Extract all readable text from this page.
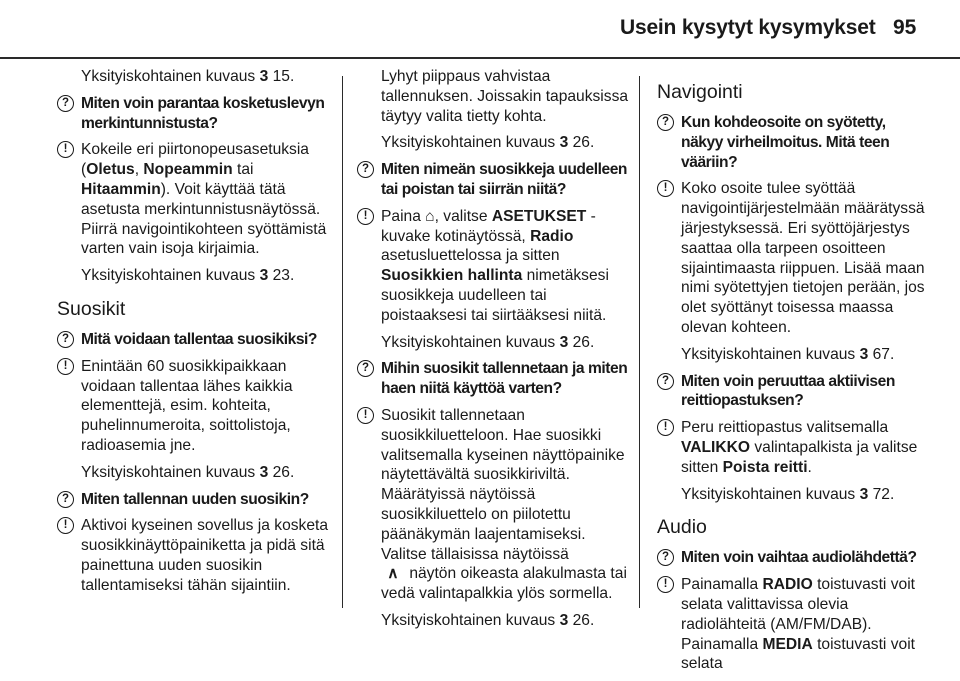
Usein kysytyt kysymykset 95

Yksityiskohtainen kuvaus 3 15.

? Miten voin parantaa kosketuslevyn merkintunnistusta?
! Kokeile eri piirtonopeusasetuksia (Oletus, Nopeammin tai Hitaammin). Voit käyttää tätä asetusta merkintunnistusnäytössä. Piirrä navigointikohteen syöttämistä varten vain isoja kirjaimia.

Yksityiskohtainen kuvaus 3 23.

Suosikit
? Mitä voidaan tallentaa suosikiksi?
! Enintään 60 suosikkipaikkaan voidaan tallentaa lähes kaikkia elementtejä, esim. kohteita, puhelinnumeroita, soittolistoja, radioasemia jne.

Yksityiskohtainen kuvaus 3 26.

? Miten tallennan uuden suosikin?
! Aktivoi kyseinen sovellus ja kosketa suosikkinäyttöpainiketta ja pidä sitä painettuna uuden suosikin tallentamiseksi tähän sijaintiin.

Lyhyt piippaus vahvistaa tallennuksen. Joissakin tapauksissa täytyy valita tietty kohta.

Yksityiskohtainen kuvaus 3 26.

? Miten nimeän suosikkeja uudelleen tai poistan tai siirrän niitä?
! Paina ⌂, valitse ASETUKSET -kuvake kotinäytössä, Radio asetusluettelossa ja sitten Suosikkien hallinta nimetäksesi suosikkeja uudelleen tai poistaaksesi tai siirtääksesi niitä.

Yksityiskohtainen kuvaus 3 26.

? Mihin suosikit tallennetaan ja miten haen niitä käyttöä varten?
! Suosikit tallennetaan suosikkiluetteloon. Hae suosikki valitsemalla kyseinen näyttöpainike näytettävältä suosikkiriviltä. Määrätyissä näytöissä suosikkiluettelo on piilotettu päänäkymän laajentamiseksi. Valitse tällaisissa näytöissä
∧ näytön oikeasta alakulmasta tai vedä valintapalkkia ylös sormella.

Yksityiskohtainen kuvaus 3 26.

Navigointi
? Kun kohdeosoite on syötetty, näkyy virheilmoitus. Mitä teen vääriin?
! Koko osoite tulee syöttää navigointijärjestelmään määrätyssä järjestyksessä. Eri syöttöjärjestys saattaa olla tarpeen osoitteen sijaintimaasta riippuen. Lisää maan nimi syötettyjen tietojen perään, jos olet syöttänyt toisessa maassa olevan kohteen.

Yksityiskohtainen kuvaus 3 67.

? Miten voin peruuttaa aktiivisen reittiopastuksen?
! Peru reittiopastus valitsemalla VALIKKO valintapalkista ja valitse sitten Poista reitti.

Yksityiskohtainen kuvaus 3 72.

Audio
? Miten voin vaihtaa audiolähdettä?
! Painamalla RADIO toistuvasti voit selata valittavissa olevia radiolähteitä (AM/FM/DAB). Painamalla MEDIA toistuvasti voit selata
